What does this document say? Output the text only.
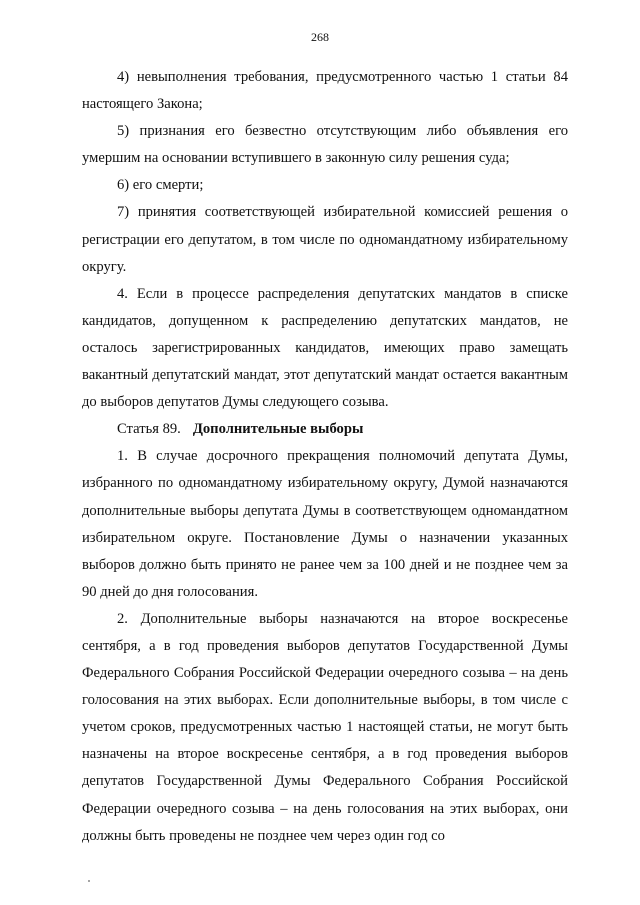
268

4) невыполнения требования, предусмотренного частью 1 статьи 84 настоящего Закона;

5) признания его безвестно отсутствующим либо объявления его умершим на основании вступившего в законную силу решения суда;

6) его смерти;

7) принятия соответствующей избирательной комиссией решения о регистрации его депутатом, в том числе по одномандатному избирательному округу.

4. Если в процессе распределения депутатских мандатов в списке кандидатов, допущенном к распределению депутатских мандатов, не осталось зарегистрированных кандидатов, имеющих право замещать вакантный депутатский мандат, этот депутатский мандат остается вакантным до выборов депутатов Думы следующего созыва.

Статья 89. Дополнительные выборы

1. В случае досрочного прекращения полномочий депутата Думы, избранного по одномандатному избирательному округу, Думой назначаются дополнительные выборы депутата Думы в соответствующем одномандатном избирательном округе. Постановление Думы о назначении указанных выборов должно быть принято не ранее чем за 100 дней и не позднее чем за 90 дней до дня голосования.

2. Дополнительные выборы назначаются на второе воскресенье сентября, а в год проведения выборов депутатов Государственной Думы Федерального Собрания Российской Федерации очередного созыва – на день голосования на этих выборах. Если дополнительные выборы, в том числе с учетом сроков, предусмотренных частью 1 настоящей статьи, не могут быть назначены на второе воскресенье сентября, а в год проведения выборов депутатов Государственной Думы Федерального Собрания Российской Федерации очередного созыва – на день голосования на этих выборах, они должны быть проведены не позднее чем через один год со
